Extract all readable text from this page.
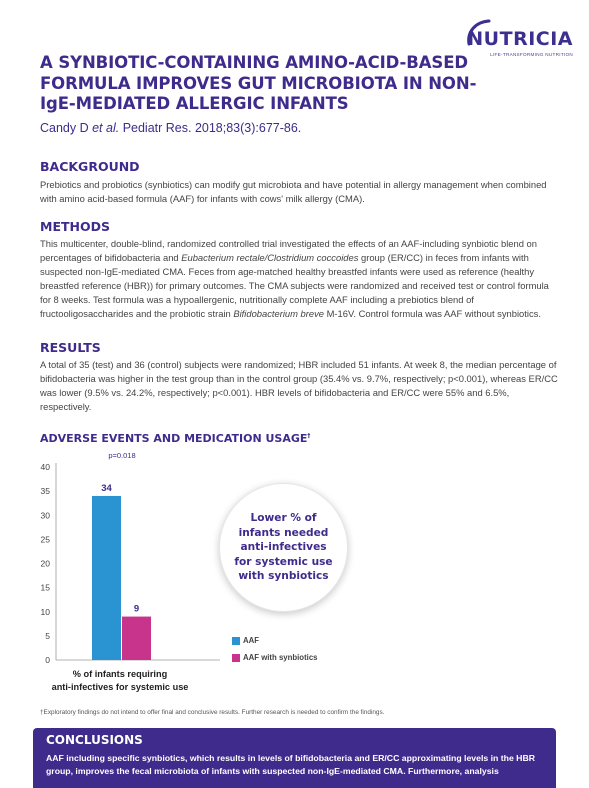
NUTRICIA
LIFE-TRANSFORMING NUTRITION
A SYNBIOTIC-CONTAINING AMINO-ACID-BASED FORMULA IMPROVES GUT MICROBIOTA IN NON-IgE-MEDIATED ALLERGIC INFANTS
Candy D et al. Pediatr Res. 2018;83(3):677-86.
BACKGROUND
Prebiotics and probiotics (synbiotics) can modify gut microbiota and have potential in allergy management when combined with amino acid-based formula (AAF) for infants with cows' milk allergy (CMA).
METHODS
This multicenter, double-blind, randomized controlled trial investigated the effects of an AAF-including synbiotic blend on percentages of bifidobacteria and Eubacterium rectale/Clostridium coccoides group (ER/CC) in feces from infants with suspected non-IgE-mediated CMA. Feces from age-matched healthy breastfed infants were used as reference (healthy breastfed reference (HBR)) for primary outcomes. The CMA subjects were randomized and received test or control formula for 8 weeks. Test formula was a hypoallergenic, nutritionally complete AAF including a prebiotics blend of fructooligosaccharides and the probiotic strain Bifidobacterium breve M-16V. Control formula was AAF without synbiotics.
RESULTS
A total of 35 (test) and 36 (control) subjects were randomized; HBR included 51 infants. At week 8, the median percentage of bifidobacteria was higher in the test group than in the control group (35.4% vs. 9.7%, respectively; p<0.001), whereas ER/CC was lower (9.5% vs. 24.2%, respectively; p<0.001). HBR levels of bifidobacteria and ER/CC were 55% and 6.5%, respectively.
ADVERSE EVENTS AND MEDICATION USAGE†
0
5
10
15
20
25
30
35
40
34
9
p=0.018
% of infants requiring
anti-infectives for systemic use
Lower % of infants needed anti-infectives for systemic use with synbiotics
AAF
AAF with synbiotics
†Exploratory findings do not intend to offer final and conclusive results. Further research is needed to confirm the findings.
CONCLUSIONS
AAF including specific synbiotics, which results in levels of bifidobacteria and ER/CC approximating levels in the HBR group, improves the fecal microbiota of infants with suspected non-IgE-mediated CMA. Furthermore, analysis
